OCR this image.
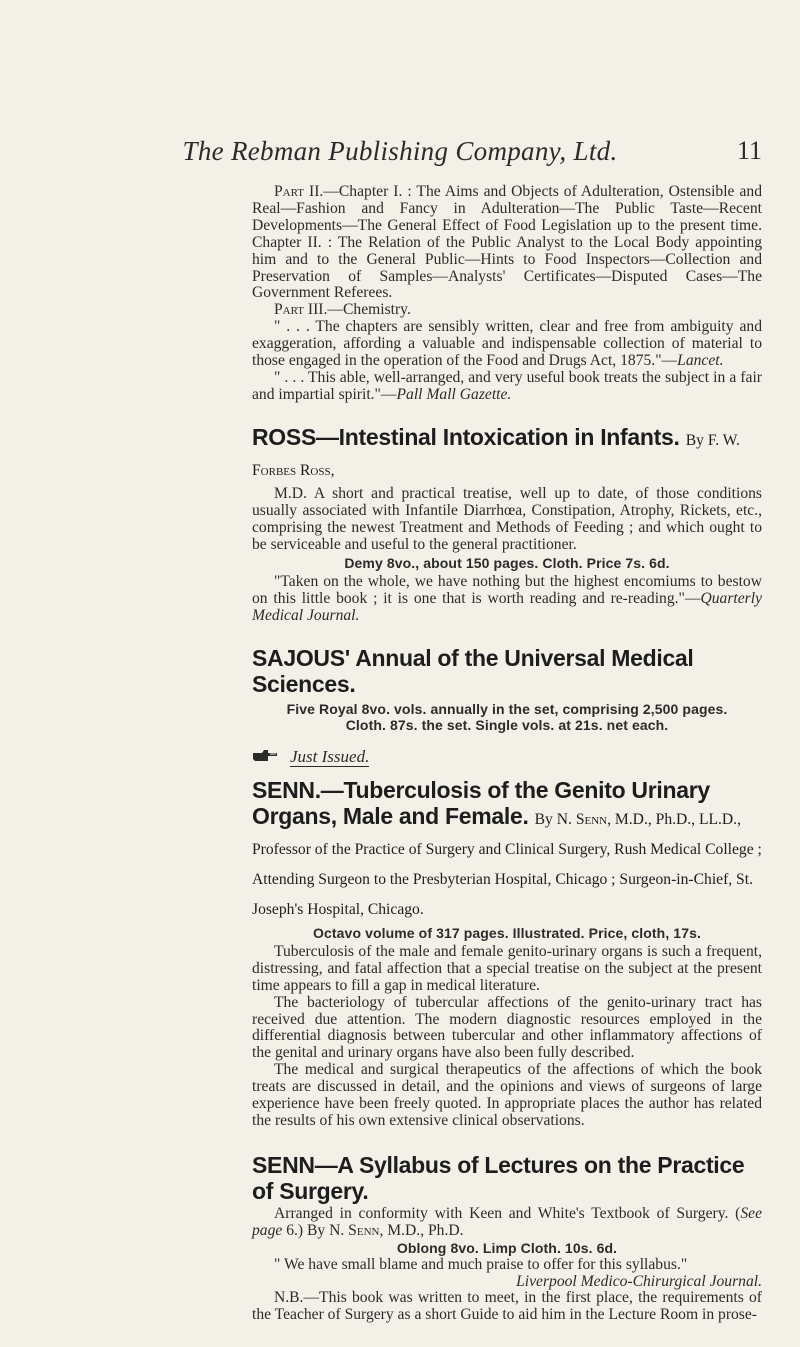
The Rebman Publishing Company, Ltd.	11

Part II.—Chapter I. : The Aims and Objects of Adulteration, Ostensible and Real—Fashion and Fancy in Adulteration—The Public Taste—Recent Developments—The General Effect of Food Legislation up to the present time. Chapter II. : The Relation of the Public Analyst to the Local Body appointing him and to the General Public—Hints to Food Inspectors—Collection and Preservation of Samples—Analysts' Certificates—Disputed Cases—The Government Referees.

Part III.—Chemistry.

" . . . The chapters are sensibly written, clear and free from ambiguity and exaggeration, affording a valuable and indispensable collection of material to those engaged in the operation of the Food and Drugs Act, 1875."—Lancet.

" . . . This able, well-arranged, and very useful book treats the subject in a fair and impartial spirit."—Pall Mall Gazette.

ROSS—Intestinal Intoxication in Infants. By F. W. Forbes Ross,

M.D. A short and practical treatise, well up to date, of those conditions usually associated with Infantile Diarrhœa, Constipation, Atrophy, Rickets, etc., comprising the newest Treatment and Methods of Feeding ; and which ought to be serviceable and useful to the general practitioner.

Demy 8vo., about 150 pages. Cloth. Price 7s. 6d.

"Taken on the whole, we have nothing but the highest encomiums to bestow on this little book ; it is one that is worth reading and re-reading."—Quarterly Medical Journal.

SAJOUS' Annual of the Universal Medical Sciences.
Five Royal 8vo. vols. annually in the set, comprising 2,500 pages.
Cloth. 87s. the set. Single vols. at 21s. net each.
Just Issued.
SENN.—Tuberculosis of the Genito Urinary Organs, Male and Female. By N. Senn, M.D., Ph.D., LL.D., Professor of the Practice of Surgery and Clinical Surgery, Rush Medical College ; Attending Surgeon to the Presbyterian Hospital, Chicago ; Surgeon-in-Chief, St. Joseph's Hospital, Chicago.

Octavo volume of 317 pages. Illustrated. Price, cloth, 17s.

Tuberculosis of the male and female genito-urinary organs is such a frequent, distressing, and fatal affection that a special treatise on the subject at the present time appears to fill a gap in medical literature.

The bacteriology of tubercular affections of the genito-urinary tract has received due attention. The modern diagnostic resources employed in the differential diagnosis between tubercular and other inflammatory affections of the genital and urinary organs have also been fully described.

The medical and surgical therapeutics of the affections of which the book treats are discussed in detail, and the opinions and views of surgeons of large experience have been freely quoted. In appropriate places the author has related the results of his own extensive clinical observations.

SENN—A Syllabus of Lectures on the Practice of Surgery.

Arranged in conformity with Keen and White's Textbook of Surgery. (See page 6.) By N. Senn, M.D., Ph.D.

Oblong 8vo. Limp Cloth. 10s. 6d.

" We have small blame and much praise to offer for this syllabus."

Liverpool Medico-Chirurgical Journal.

N.B.—This book was written to meet, in the first place, the requirements of the Teacher of Surgery as a short Guide to aid him in the Lecture Room in prose-
